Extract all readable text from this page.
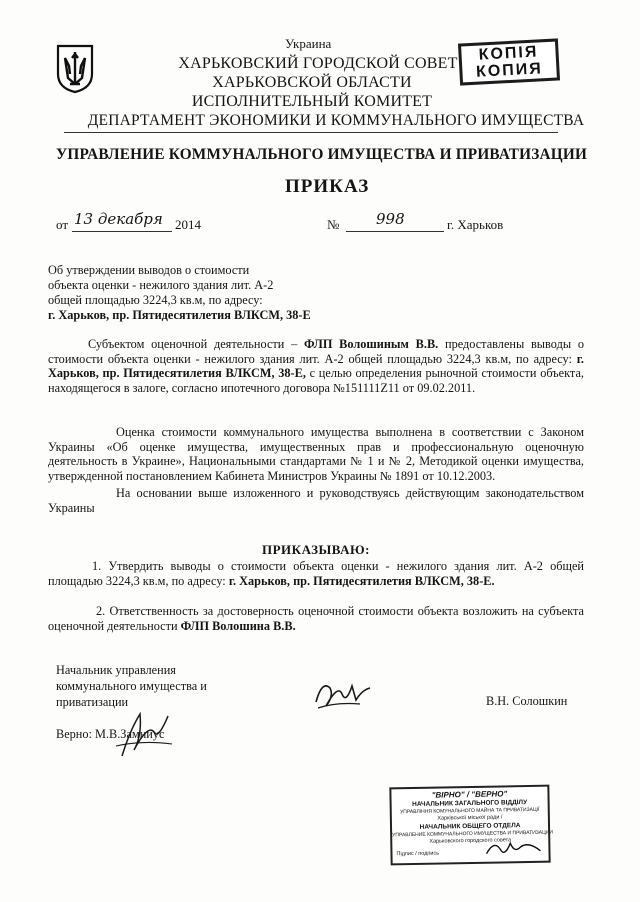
КОПІЯ
КОПИЯ
Украина
ХАРЬКОВСКИЙ ГОРОДСКОЙ СОВЕТ
ХАРЬКОВСКОЙ ОБЛАСТИ
ИСПОЛНИТЕЛЬНЫЙ КОМИТЕТ
ДЕПАРТАМЕНТ ЭКОНОМИКИ И КОММУНАЛЬНОГО ИМУЩЕСТВА
УПРАВЛЕНИЕ КОММУНАЛЬНОГО ИМУЩЕСТВА И ПРИВАТИЗАЦИИ
ПРИКАЗ
от 13 декабря 2014	№ 998	г. Харьков
Об утверждении выводов о стоимости
объекта оценки - нежилого здания лит. А-2
общей площадью 3224,3 кв.м, по адресу:
г. Харьков, пр. Пятидесятилетия ВЛКСМ, 38-Е
Субъектом оценочной деятельности – ФЛП Волошиным В.В. предоставлены выводы о стоимости объекта оценки - нежилого здания лит. А-2 общей площадью 3224,3 кв.м, по адресу: г. Харьков, пр. Пятидесятилетия ВЛКСМ, 38-Е, с целью определения рыночной стоимости объекта, находящегося в залоге, согласно ипотечного договора №151111Z11 от 09.02.2011.
Оценка стоимости коммунального имущества выполнена в соответствии с Законом Украины «Об оценке имущества, имущественных прав и профессиональную оценочную деятельность в Украине», Национальными стандартами № 1 и № 2, Методикой оценки имущества, утвержденной постановлением Кабинета Министров Украины № 1891 от 10.12.2003.
На основании выше изложенного и руководствуясь действующим законодательством Украины
ПРИКАЗЫВАЮ:
1. Утвердить выводы о стоимости объекта оценки - нежилого здания лит. А-2 общей площадью 3224,3 кв.м, по адресу: г. Харьков, пр. Пятидесятилетия ВЛКСМ, 38-Е.
2. Ответственность за достоверность оценочной стоимости объекта возложить на субъекта оценочной деятельности ФЛП Волошина В.В.
Начальник управления
коммунального имущества и
приватизации	В.Н. Солошкин
Верно: М.В.Замниус
"ВІРНО" / "ВЕРНО"
НАЧАЛЬНИК ЗАГАЛЬНОГО ВІДДІЛУ
УПРАВЛІННЯ КОМУНАЛЬНОГО МАЙНА ТА ПРИВАТИЗАЦІЇ
Харківської міської ради /
НАЧАЛЬНИК ОБЩЕГО ОТДЕЛА
УПРАВЛЕНИЕ КОММУНАЛЬНОГО ИМУЩЕСТВА И ПРИВАТИЗАЦИИ
Харьковского городского совета
Підпис / подпись
